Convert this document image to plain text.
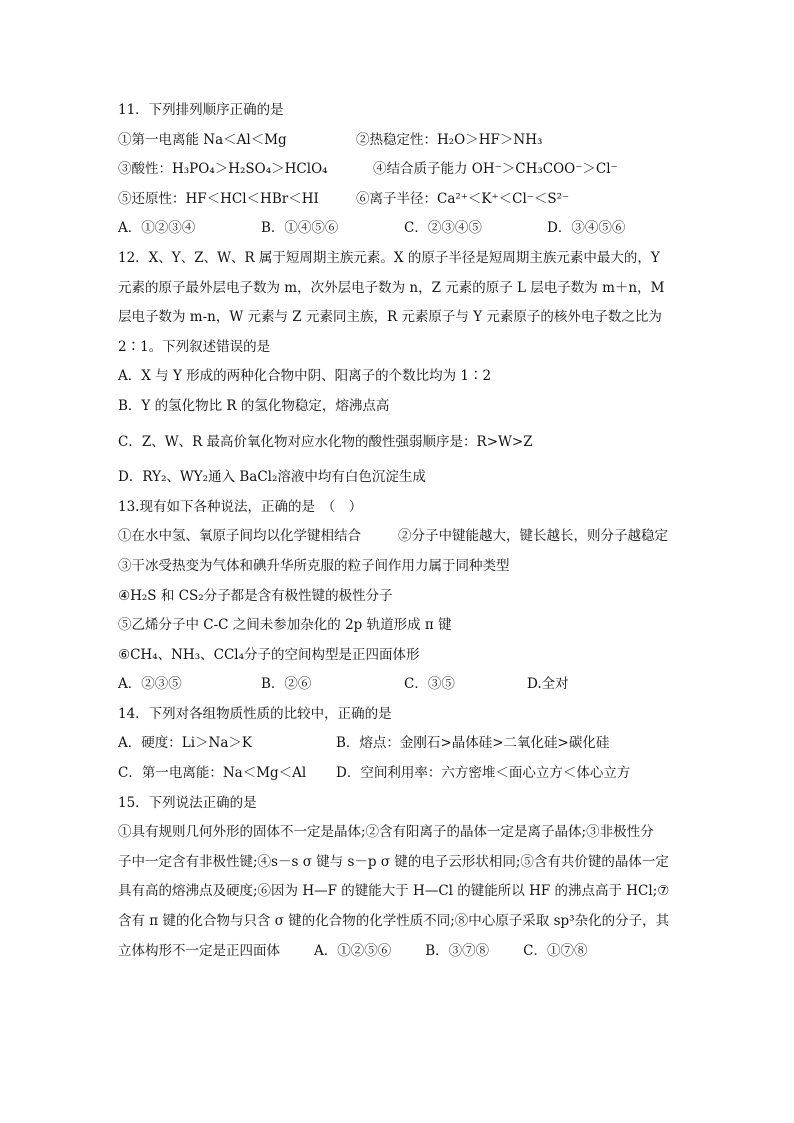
11．下列排列顺序正确的是
①第一电离能 Na＜Al＜Mg	②热稳定性：H₂O＞HF＞NH₃
③酸性：H₃PO₄＞H₂SO₄＞HClO₄	④结合质子能力 OH⁻＞CH₃COO⁻＞Cl⁻
⑤还原性：HF＜HCl＜HBr＜HI	⑥离子半径：Ca²⁺＜K⁺＜Cl⁻＜S²⁻
A．①②③④	B．①④⑤⑥	C．②③④⑤	D．③④⑤⑥
12．X、Y、Z、W、R 属于短周期主族元素。X 的原子半径是短周期主族元素中最大的，Y
元素的原子最外层电子数为 m，次外层电子数为 n，Z 元素的原子 L 层电子数为 m＋n，M
层电子数为 m-n，W 元素与 Z 元素同主族，R 元素原子与 Y 元素原子的核外电子数之比为
2∶1。下列叙述错误的是
A．X 与 Y 形成的两种化合物中阴、阳离子的个数比均为 1∶2
B．Y 的氢化物比 R 的氢化物稳定，熔沸点高
C．Z、W、R 最高价氧化物对应水化物的酸性强弱顺序是：R>W>Z
D．RY₂、WY₂通入 BaCl₂溶液中均有白色沉淀生成
13.现有如下各种说法，正确的是　（　）
①在水中氢、氧原子间均以化学键相结合	②分子中键能越大，键长越长，则分子越稳定
③干冰受热变为气体和碘升华所克服的粒子间作用力属于同种类型
④H₂S 和 CS₂分子都是含有极性键的极性分子
⑤乙烯分子中 C-C 之间未参加杂化的 2p 轨道形成 π 键
⑥CH₄、NH₃、CCl₄分子的空间构型是正四面体形
A．②③⑤	B．②⑥	C．③⑤	D.全对
14．下列对各组物质性质的比较中，正确的是
A．硬度：Li＞Na＞K	B．熔点：金刚石>晶体硅>二氧化硅>碳化硅
C．第一电离能：Na＜Mg＜Al	D．空间利用率：六方密堆＜面心立方＜体心立方
15．下列说法正确的是
①具有规则几何外形的固体不一定是晶体;②含有阳离子的晶体一定是离子晶体;③非极性分
子中一定含有非极性键;④s－s σ 键与 s－p σ 键的电子云形状相同;⑤含有共价键的晶体一定
具有高的熔沸点及硬度;⑥因为 H—F 的键能大于 H—Cl 的键能所以 HF 的沸点高于 HCl;⑦
含有 π 键的化合物与只含 σ 键的化合物的化学性质不同;⑧中心原子采取 sp³杂化的分子，其
立体构形不一定是正四面体	A．①②⑤⑥	B．③⑦⑧	C．①⑦⑧
